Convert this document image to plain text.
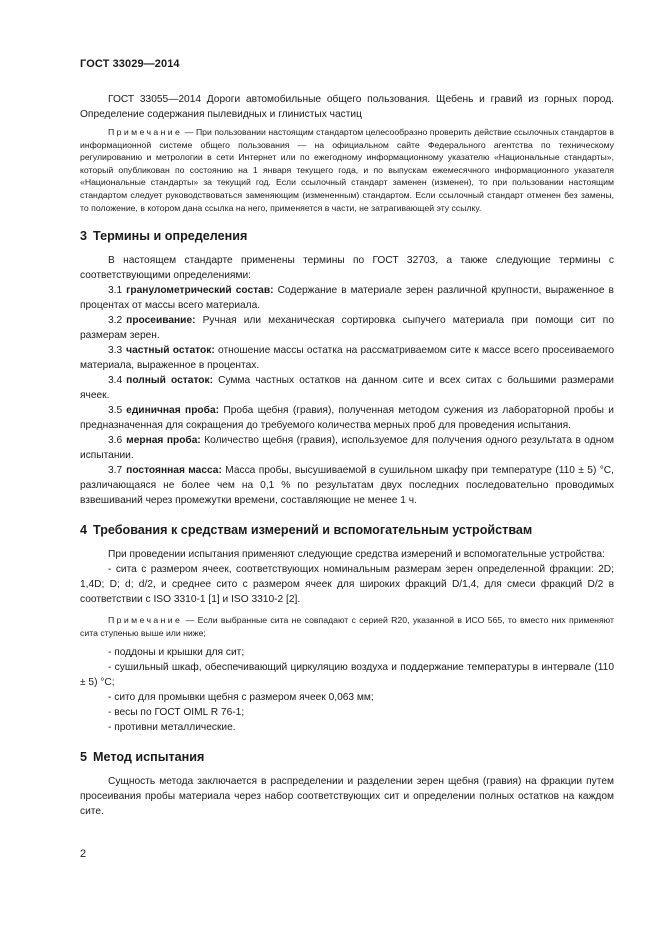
ГОСТ 33029—2014

ГОСТ 33055—2014 Дороги автомобильные общего пользования. Щебень и гравий из горных пород. Определение содержания пылевидных и глинистых частиц

Примечание — При пользовании настоящим стандартом целесообразно проверить действие ссылочных стандартов в информационной системе общего пользования — на официальном сайте Федерального агентства по техническому регулированию и метрологии в сети Интернет или по ежегодному информационному указателю «Национальные стандарты», который опубликован по состоянию на 1 января текущего года, и по выпускам ежемесячного информационного указателя «Национальные стандарты» за текущий год. Если ссылочный стандарт заменен (изменен), то при пользовании настоящим стандартом следует руководствоваться заменяющим (измененным) стандартом. Если ссылочный стандарт отменен без замены, то положение, в котором дана ссылка на него, применяется в части, не затрагивающей эту ссылку.

3 Термины и определения

В настоящем стандарте применены термины по ГОСТ 32703, а также следующие термины с соответствующими определениями:

3.1 гранулометрический состав: Содержание в материале зерен различной крупности, выраженное в процентах от массы всего материала.

3.2 просеивание: Ручная или механическая сортировка сыпучего материала при помощи сит по размерам зерен.

3.3 частный остаток: отношение массы остатка на рассматриваемом сите к массе всего просеиваемого материала, выраженное в процентах.

3.4 полный остаток: Сумма частных остатков на данном сите и всех ситах с большими размерами ячеек.

3.5 единичная проба: Проба щебня (гравия), полученная методом сужения из лабораторной пробы и предназначенная для сокращения до требуемого количества мерных проб для проведения испытания.

3.6 мерная проба: Количество щебня (гравия), используемое для получения одного результата в одном испытании.

3.7 постоянная масса: Масса пробы, высушиваемой в сушильном шкафу при температуре (110 ± 5) °С, различающаяся не более чем на 0,1 % по результатам двух последних последовательно проводимых взвешиваний через промежутки времени, составляющие не менее 1 ч.

4 Требования к средствам измерений и вспомогательным устройствам

При проведении испытания применяют следующие средства измерений и вспомогательные устройства:

- сита с размером ячеек, соответствующих номинальным размерам зерен определенной фракции: 2D; 1,4D; D; d; d/2, и среднее сито с размером ячеек для широких фракций D/1,4, для смеси фракций D/2 в соответствии с ISO 3310-1 [1] и ISO 3310-2 [2].

Примечание — Если выбранные сита не совпадают с серией R20, указанной в ИСО 565, то вместо них применяют сита ступенью выше или ниже;

- поддоны и крышки для сит;

- сушильный шкаф, обеспечивающий циркуляцию воздуха и поддержание температуры в интервале (110 ± 5) °С;

- сито для промывки щебня с размером ячеек 0,063 мм;

- весы по ГОСТ OIML R 76-1;

- противни металлические.

5 Метод испытания

Сущность метода заключается в распределении и разделении зерен щебня (гравия) на фракции путем просеивания пробы материала через набор соответствующих сит и определении полных остатков на каждом сите.

2
